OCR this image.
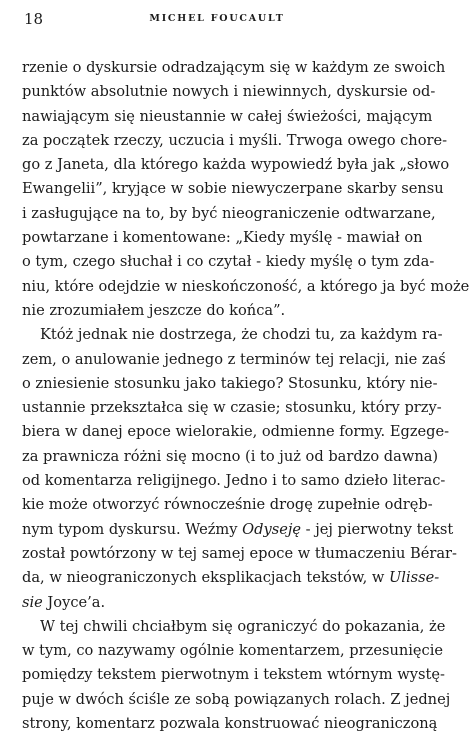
18	MICHEL FOUCAULT
rzenie o dyskursie odradzającym się w każdym ze swoich
punktów absolutnie nowych i niewinnych, dyskursie od-
nawiającym się nieustannie w całej świeżości, mającym
za początek rzeczy, uczucia i myśli. Trwoga owego chore-
go z Janeta, dla którego każda wypowiedź była jak „słowo
Ewangelii”, kryjące w sobie niewyczerpane skarby sensu
i zasługujące na to, by być nieograniczenie odtwarzane,
powtarzane i komentowane: „Kiedy myślę - mawiał on
o tym, czego słuchał i co czytał - kiedy myślę o tym zda-
niu, które odejdzie w nieskończoność, a którego ja być może
nie zrozumiałem jeszcze do końca”.
Któż jednak nie dostrzega, że chodzi tu, za każdym ra-
zem, o anulowanie jednego z terminów tej relacji, nie zaś
o zniesienie stosunku jako takiego? Stosunku, który nie-
ustannie przekształca się w czasie; stosunku, który przy-
biera w danej epoce wielorakie, odmienne formy. Egzege-
za prawnicza różni się mocno (i to już od bardzo dawna)
od komentarza religijnego. Jedno i to samo dzieło literac-
kie może otworzyć równocześnie drogę zupełnie odręb-
nym typom dyskursu. Weźmy Odyseję - jej pierwotny tekst
został powtórzony w tej samej epoce w tłumaczeniu Bérar-
da, w nieograniczonych eksplikacjach tekstów, w Ulisse-
sie Joyce’a.
W tej chwili chciałbym się ograniczyć do pokazania, że
w tym, co nazywamy ogólnie komentarzem, przesunięcie
pomiędzy tekstem pierwotnym i tekstem wtórnym wystę-
puje w dwóch ściśle ze sobą powiązanych rolach. Z jednej
strony, komentarz pozwala konstruować nieograniczoną
